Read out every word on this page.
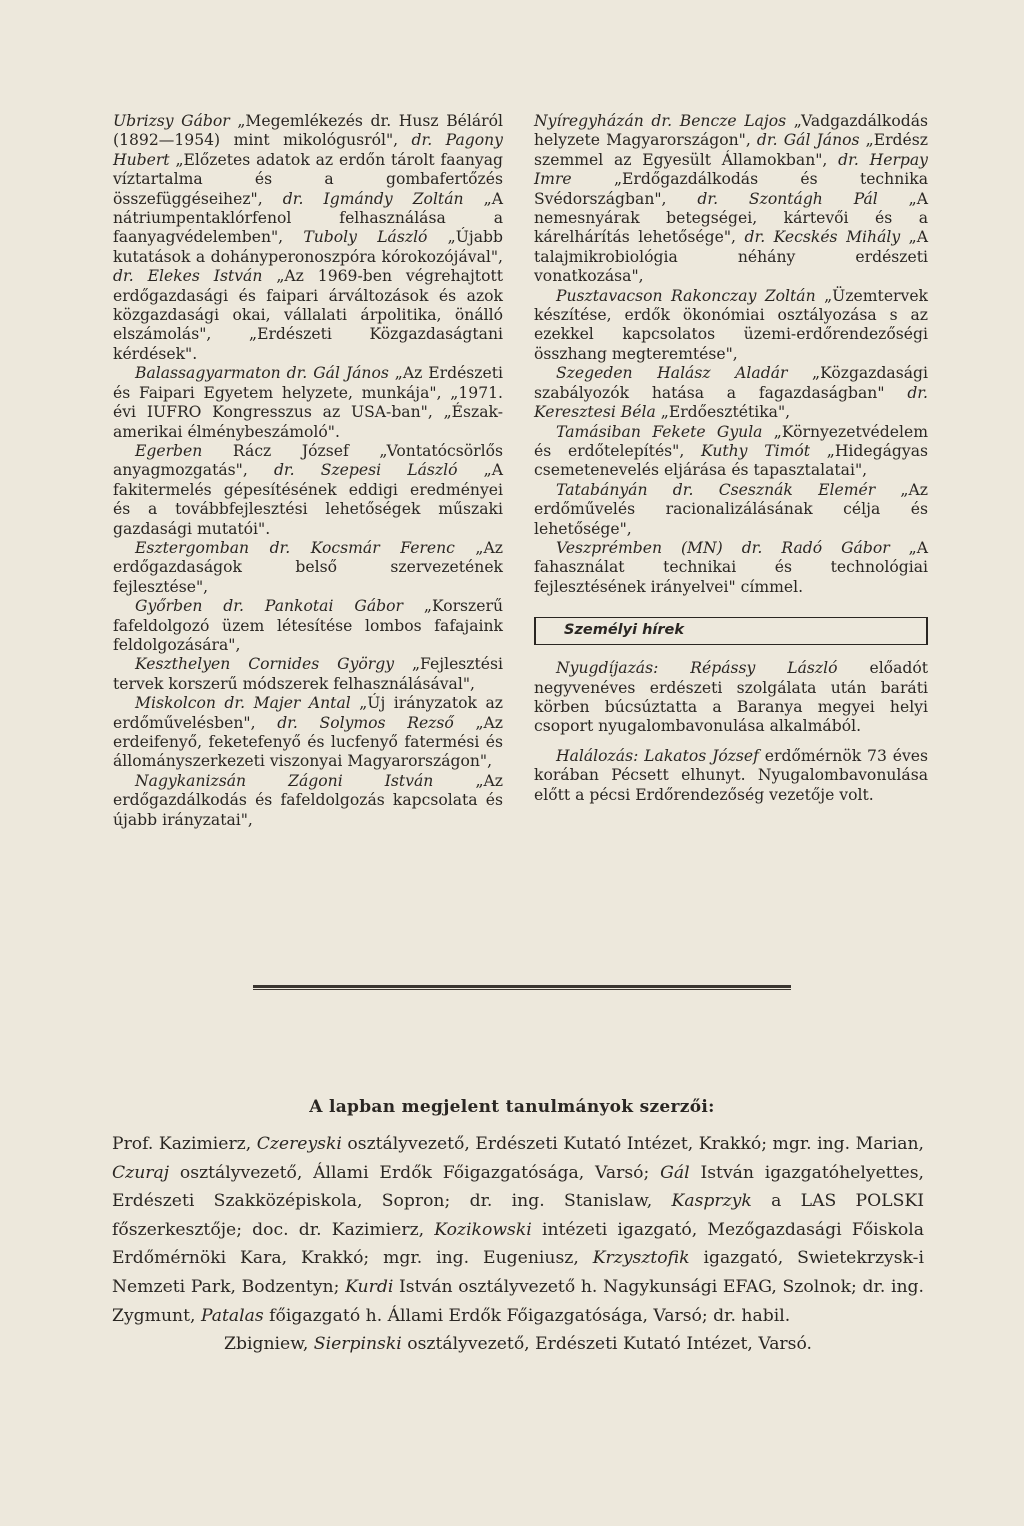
Ubrizsy Gábor „Megemlékezés dr. Husz Béláról (1892—1954) mint mikológusról", dr. Pagony Hubert „Előzetes adatok az erdőn tárolt faanyag víztartalma és a gombafertőzés összefüggéseihez", dr. Igmándy Zoltán „A nátriumpentaklórfenol felhasználása a faanyagvédelemben", Tuboly László „Újabb kutatások a dohányperonoszpóra kórokozójával", dr. Elekes István „Az 1969-ben végrehajtott erdőgazdasági és faipari árváltozások és azok közgazdasági okai, vállalati árpolitika, önálló elszámolás", „Erdészeti Közgazdaságtani kérdések".

Balassagyarmaton dr. Gál János „Az Erdészeti és Faipari Egyetem helyzete, munkája", „1971. évi IUFRO Kongresszus az USA-ban", „Észak-amerikai élménybeszámoló".

Egerben Rácz József „Vontatócsörlős anyagmozgatás", dr. Szepesi László „A fakitermelés gépesítésének eddigi eredményei és a továbbfejlesztési lehetőségek műszaki gazdasági mutatói".

Esztergomban dr. Kocsmár Ferenc „Az erdőgazdaságok belső szervezetének fejlesztése",

Győrben dr. Pankotai Gábor „Korszerű fafeldolgozó üzem létesítése lombos fafajaink feldolgozására",

Keszthelyen Cornides György „Fejlesztési tervek korszerű módszerek felhasználásával",

Miskolcon dr. Majer Antal „Új irányzatok az erdőművelésben", dr. Solymos Rezső „Az erdeifenyő, feketefenyő és lucfenyő fatermési és állományszerkezeti viszonyai Magyarországon",

Nagykanizsán Zágoni István „Az erdőgazdálkodás és fafeldolgozás kapcsolata és újabb irányzatai",

Nyíregyházán dr. Bencze Lajos „Vadgazdálkodás helyzete Magyarországon", dr. Gál János „Erdész szemmel az Egyesült Államokban", dr. Herpay Imre „Erdőgazdálkodás és technika Svédországban", dr. Szontágh Pál „A nemesnyárak betegségei, kártevői és a kárelhárítás lehetősége", dr. Kecskés Mihály „A talajmikrobiológia néhány erdészeti vonatkozása",

Pusztavacson Rakonczay Zoltán „Üzemtervek készítése, erdők ökonómiai osztályozása s az ezekkel kapcsolatos üzemi-erdőrendezőségi összhang megteremtése",

Szegeden Halász Aladár „Közgazdasági szabályozók hatása a fagazdaságban" dr. Keresztesi Béla „Erdőesztétika",

Tamásiban Fekete Gyula „Környezetvédelem és erdőtelepítés", Kuthy Timót „Hidegágyas csemetenevelés eljárása és tapasztalatai",

Tatabányán dr. Csesznák Elemér „Az erdőművelés racionalizálásának célja és lehetősége",

Veszprémben (MN) dr. Radó Gábor „A fahasználat technikai és technológiai fejlesztésének irányelvei" címmel.

Személyi hírek

Nyugdíjazás: Répássy László előadót negyvenéves erdészeti szolgálata után baráti körben búcsúztatta a Baranya megyei helyi csoport nyugalombavonulása alkalmából.

Halálozás: Lakatos József erdőmérnök 73 éves korában Pécsett elhunyt. Nyugalombavonulása előtt a pécsi Erdőrendezőség vezetője volt.

A lapban megjelent tanulmányok szerzői:
Prof. Kazimierz, Czereyski osztályvezető, Erdészeti Kutató Intézet, Krakkó; mgr. ing. Marian, Czuraj osztályvezető, Állami Erdők Főigazgatósága, Varsó; Gál István igazgatóhelyettes, Erdészeti Szakközépiskola, Sopron; dr. ing. Stanislaw, Kasprzyk a LAS POLSKI főszerkesztője; doc. dr. Kazimierz, Kozikowski intézeti igazgató, Mezőgazdasági Főiskola Erdőmérnöki Kara, Krakkó; mgr. ing. Eugeniusz, Krzysztofik igazgató, Swietekrzysk-i Nemzeti Park, Bodzentyn; Kurdi István osztályvezető h. Nagykunsági EFAG, Szolnok; dr. ing. Zygmunt, Patalas főigazgató h. Állami Erdők Főigazgatósága, Varsó; dr. habil.
Zbigniew, Sierpinski osztályvezető, Erdészeti Kutató Intézet, Varsó.
